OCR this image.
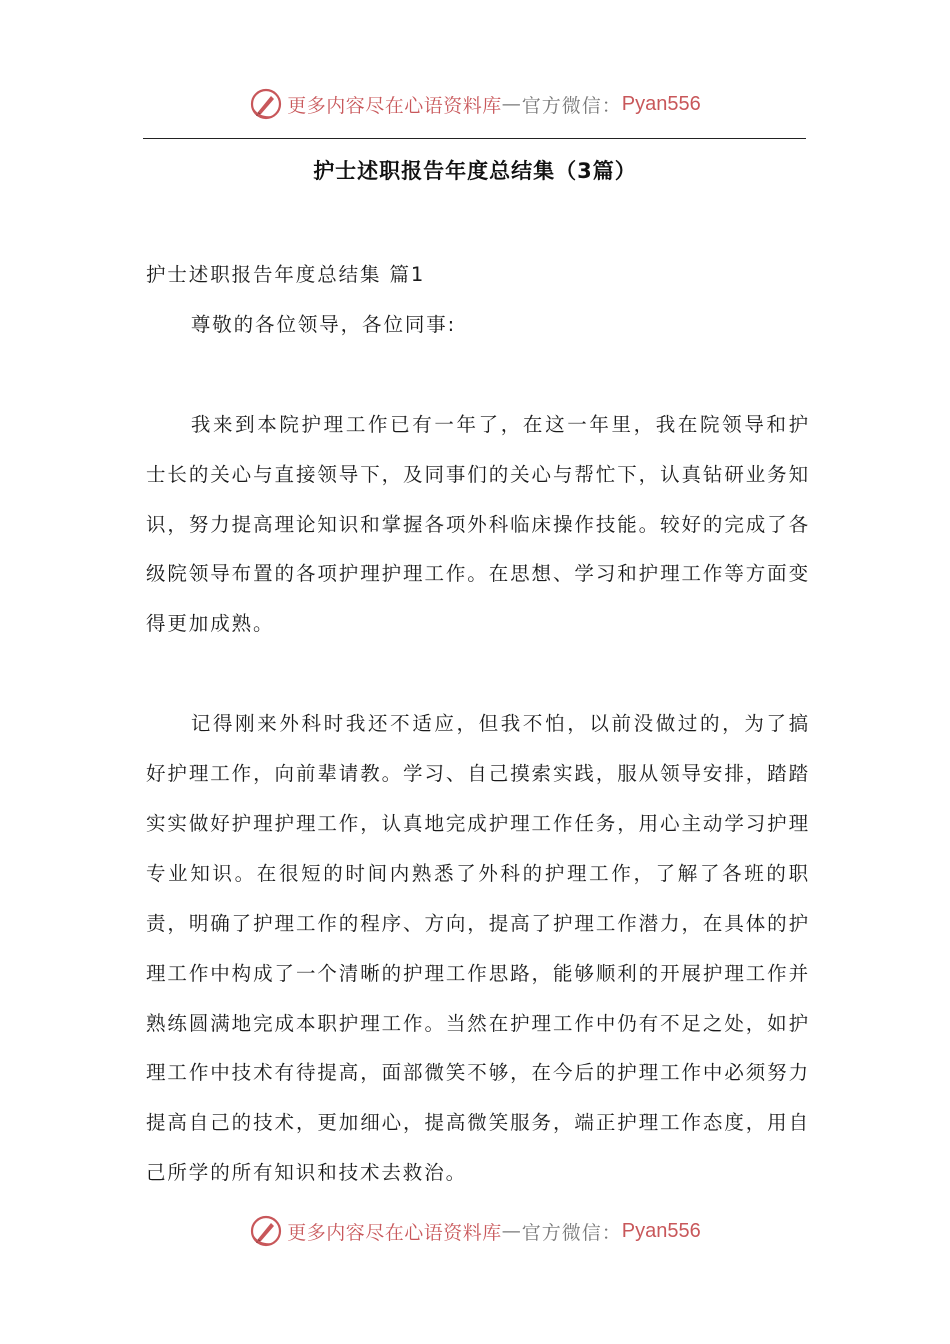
更多内容尽在心语资料库 — 官方微信： Pyan556
护士述职报告年度总结集（3篇）

护士述职报告年度总结集 篇1

尊敬的各位领导，各位同事:

我来到本院护理工作已有一年了，在这一年里，我在院领导和护士长的关心与直接领导下，及同事们的关心与帮忙下，认真钻研业务知识，努力提高理论知识和掌握各项外科临床操作技能。较好的完成了各级院领导布置的各项护理护理工作。在思想、学习和护理工作等方面变得更加成熟。

记得刚来外科时我还不适应，但我不怕，以前没做过的，为了搞好护理工作，向前辈请教。学习、自己摸索实践，服从领导安排，踏踏实实做好护理护理工作，认真地完成护理工作任务，用心主动学习护理专业知识。在很短的时间内熟悉了外科的护理工作，了解了各班的职责，明确了护理工作的程序、方向，提高了护理工作潜力，在具体的护理工作中构成了一个清晰的护理工作思路，能够顺利的开展护理工作并熟练圆满地完成本职护理工作。当然在护理工作中仍有不足之处，如护理工作中技术有待提高，面部微笑不够，在今后的护理工作中必须努力提高自己的技术，更加细心，提高微笑服务，端正护理工作态度，用自己所学的所有知识和技术去救治。

更多内容尽在心语资料库 — 官方微信： Pyan556
